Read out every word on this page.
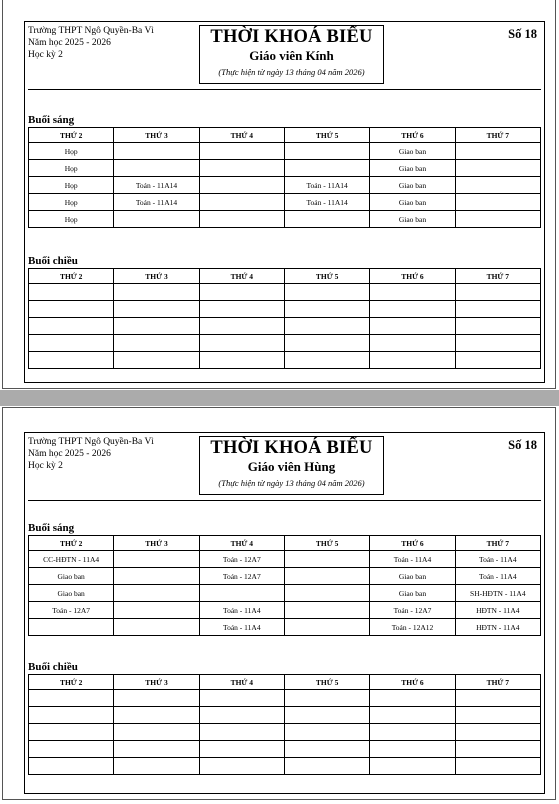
Trường THPT Ngô Quyền-Ba Vì
Năm học 2025 - 2026
Học kỳ 2
THỜI KHOÁ BIỂU
Giáo viên Kính
(Thực hiện từ ngày 13 tháng 04 năm 2026)
Số 18
Buổi sáng
THỨ 2	THỨ 3	THỨ 4	THỨ 5	THỨ 6	THỨ 7
Họp				Giao ban	
Họp				Giao ban	
Họp	Toán - 11A14		Toán - 11A14	Giao ban	
Họp	Toán - 11A14		Toán - 11A14	Giao ban	
Họp				Giao ban	
Buổi chiều
THỨ 2	THỨ 3	THỨ 4	THỨ 5	THỨ 6	THỨ 7

Trường THPT Ngô Quyền-Ba Vì
Năm học 2025 - 2026
Học kỳ 2
THỜI KHOÁ BIỂU
Giáo viên Hùng
(Thực hiện từ ngày 13 tháng 04 năm 2026)
Số 18
Buổi sáng
THỨ 2	THỨ 3	THỨ 4	THỨ 5	THỨ 6	THỨ 7
CC-HĐTN - 11A4		Toán - 12A7		Toán - 11A4	Toán - 11A4
Giao ban		Toán - 12A7		Giao ban	Toán - 11A4
Giao ban				Giao ban	SH-HĐTN - 11A4
Toán - 12A7		Toán - 11A4		Toán - 12A7	HĐTN - 11A4
		Toán - 11A4		Toán - 12A12	HĐTN - 11A4
Buổi chiều
THỨ 2	THỨ 3	THỨ 4	THỨ 5	THỨ 6	THỨ 7
